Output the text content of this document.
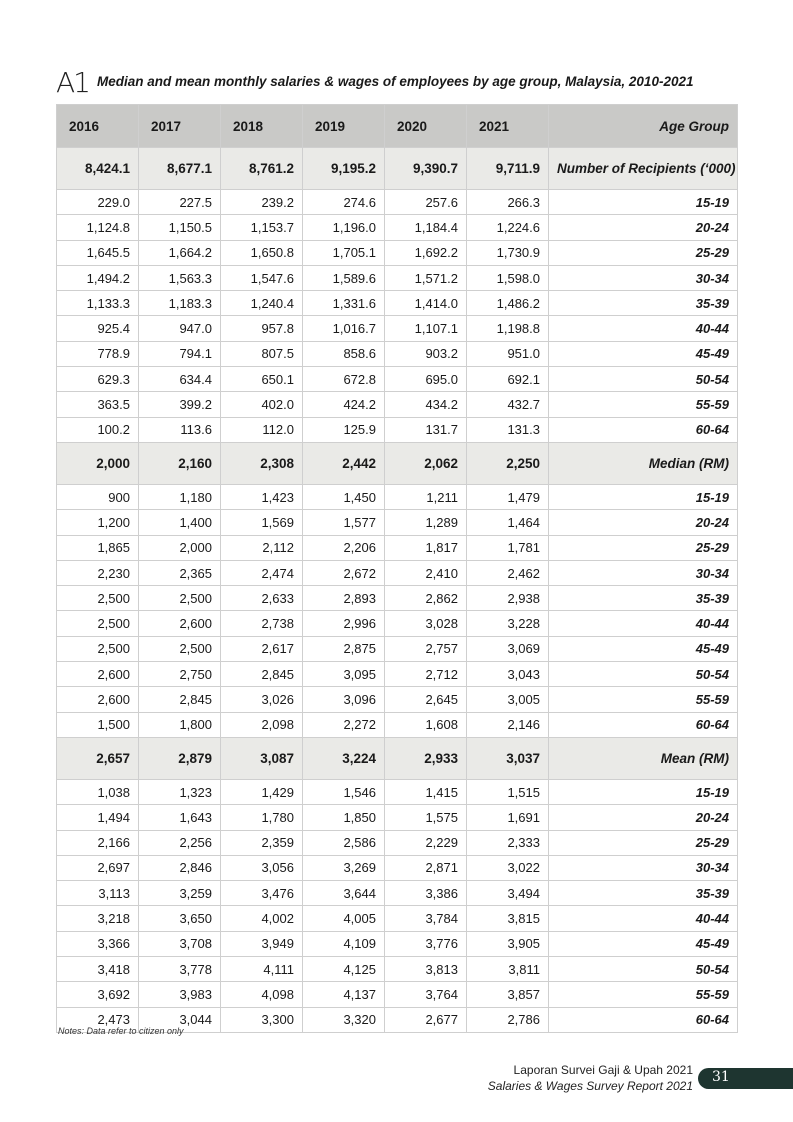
A1 Median and mean monthly salaries & wages of employees by age group, Malaysia, 2010-2021
2016	2017	2018	2019	2020	2021	Age Group
8,424.1	8,677.1	8,761.2	9,195.2	9,390.7	9,711.9	Number of Recipients (‘000)
229.0	227.5	239.2	274.6	257.6	266.3	15-19
1,124.8	1,150.5	1,153.7	1,196.0	1,184.4	1,224.6	20-24
1,645.5	1,664.2	1,650.8	1,705.1	1,692.2	1,730.9	25-29
1,494.2	1,563.3	1,547.6	1,589.6	1,571.2	1,598.0	30-34
1,133.3	1,183.3	1,240.4	1,331.6	1,414.0	1,486.2	35-39
925.4	947.0	957.8	1,016.7	1,107.1	1,198.8	40-44
778.9	794.1	807.5	858.6	903.2	951.0	45-49
629.3	634.4	650.1	672.8	695.0	692.1	50-54
363.5	399.2	402.0	424.2	434.2	432.7	55-59
100.2	113.6	112.0	125.9	131.7	131.3	60-64
2,000	2,160	2,308	2,442	2,062	2,250	Median (RM)
900	1,180	1,423	1,450	1,211	1,479	15-19
1,200	1,400	1,569	1,577	1,289	1,464	20-24
1,865	2,000	2,112	2,206	1,817	1,781	25-29
2,230	2,365	2,474	2,672	2,410	2,462	30-34
2,500	2,500	2,633	2,893	2,862	2,938	35-39
2,500	2,600	2,738	2,996	3,028	3,228	40-44
2,500	2,500	2,617	2,875	2,757	3,069	45-49
2,600	2,750	2,845	3,095	2,712	3,043	50-54
2,600	2,845	3,026	3,096	2,645	3,005	55-59
1,500	1,800	2,098	2,272	1,608	2,146	60-64
2,657	2,879	3,087	3,224	2,933	3,037	Mean (RM)
1,038	1,323	1,429	1,546	1,415	1,515	15-19
1,494	1,643	1,780	1,850	1,575	1,691	20-24
2,166	2,256	2,359	2,586	2,229	2,333	25-29
2,697	2,846	3,056	3,269	2,871	3,022	30-34
3,113	3,259	3,476	3,644	3,386	3,494	35-39
3,218	3,650	4,002	4,005	3,784	3,815	40-44
3,366	3,708	3,949	4,109	3,776	3,905	45-49
3,418	3,778	4,111	4,125	3,813	3,811	50-54
3,692	3,983	4,098	4,137	3,764	3,857	55-59
2,473	3,044	3,300	3,320	2,677	2,786	60-64
Notes: Data refer to citizen only
Laporan Survei Gaji & Upah 2021
Salaries & Wages Survey Report 2021
31
